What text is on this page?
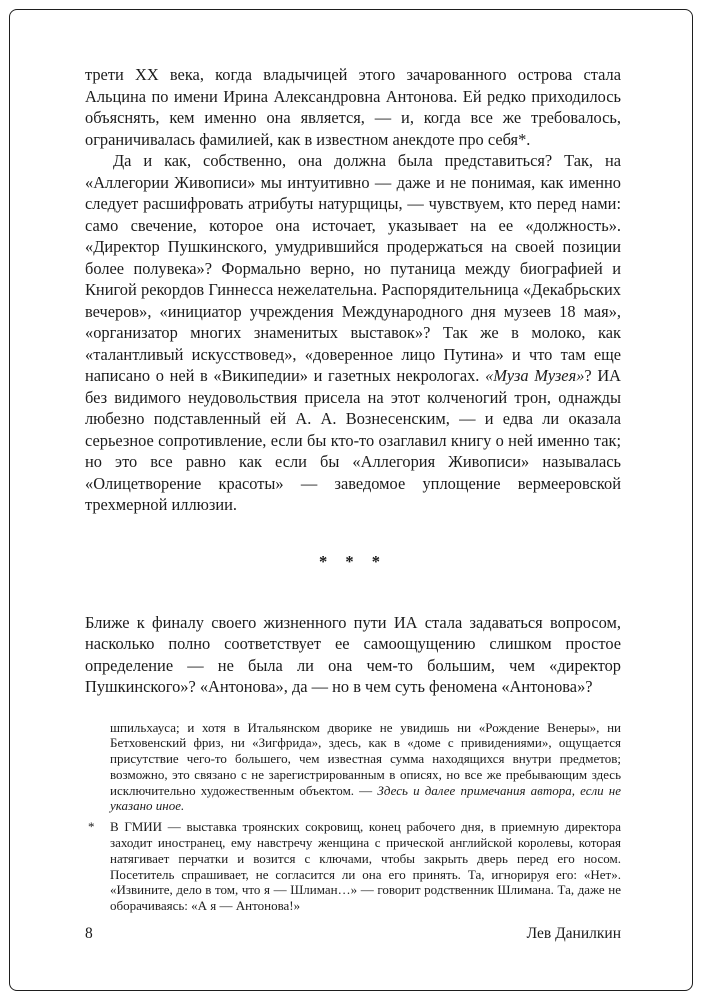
трети XX века, когда владычицей этого зачарованного острова стала Альцина по имени Ирина Александровна Антонова. Ей редко приходилось объяснять, кем именно она является, — и, когда все же требовалось, ограничивалась фамилией, как в известном анекдоте про себя*.

Да и как, собственно, она должна была представиться? Так, на «Аллегории Живописи» мы интуитивно — даже и не понимая, как именно следует расшифровать атрибуты натурщицы, — чувствуем, кто перед нами: само свечение, которое она источает, указывает на ее «должность». «Директор Пушкинского, умудрившийся продержаться на своей позиции более полувека»? Формально верно, но путаница между биографией и Книгой рекордов Гиннесса нежелательна. Распорядительница «Декабрьских вечеров», «инициатор учреждения Международного дня музеев 18 мая», «организатор многих знаменитых выставок»? Так же в молоко, как «талантливый искусствовед», «доверенное лицо Путина» и что там еще написано о ней в «Википедии» и газетных некрологах. «Муза Музея»? ИА без видимого неудовольствия присела на этот колченогий трон, однажды любезно подставленный ей А. А. Вознесенским, — и едва ли оказала серьезное сопротивление, если бы кто-то озаглавил книгу о ней именно так; но это все равно как если бы «Аллегория Живописи» называлась «Олицетворение красоты» — заведомое уплощение вермееровской трехмерной иллюзии.

* * *

Ближе к финалу своего жизненного пути ИА стала задаваться вопросом, насколько полно соответствует ее самоощущению слишком простое определение — не была ли она чем-то большим, чем «директор Пушкинского»? «Антонова», да — но в чем суть феномена «Антонова»?

шпильхауса; и хотя в Итальянском дворике не увидишь ни «Рождение Венеры», ни Бетховенский фриз, ни «Зигфрида», здесь, как в «доме с привидениями», ощущается присутствие чего-то большего, чем известная сумма находящихся внутри предметов; возможно, это связано с не зарегистрированным в описях, но все же пребывающим здесь исключительно художественным объектом. — Здесь и далее примечания автора, если не указано иное.

* В ГМИИ — выставка троянских сокровищ, конец рабочего дня, в приемную директора заходит иностранец, ему навстречу женщина с прической английской королевы, которая натягивает перчатки и возится с ключами, чтобы закрыть дверь перед его носом. Посетитель спрашивает, не согласится ли она его принять. Та, игнорируя его: «Нет». «Извините, дело в том, что я — Шлиман…» — говорит родственник Шлимана. Та, даже не оборачиваясь: «А я — Антонова!»

8	Лев Данилкин
